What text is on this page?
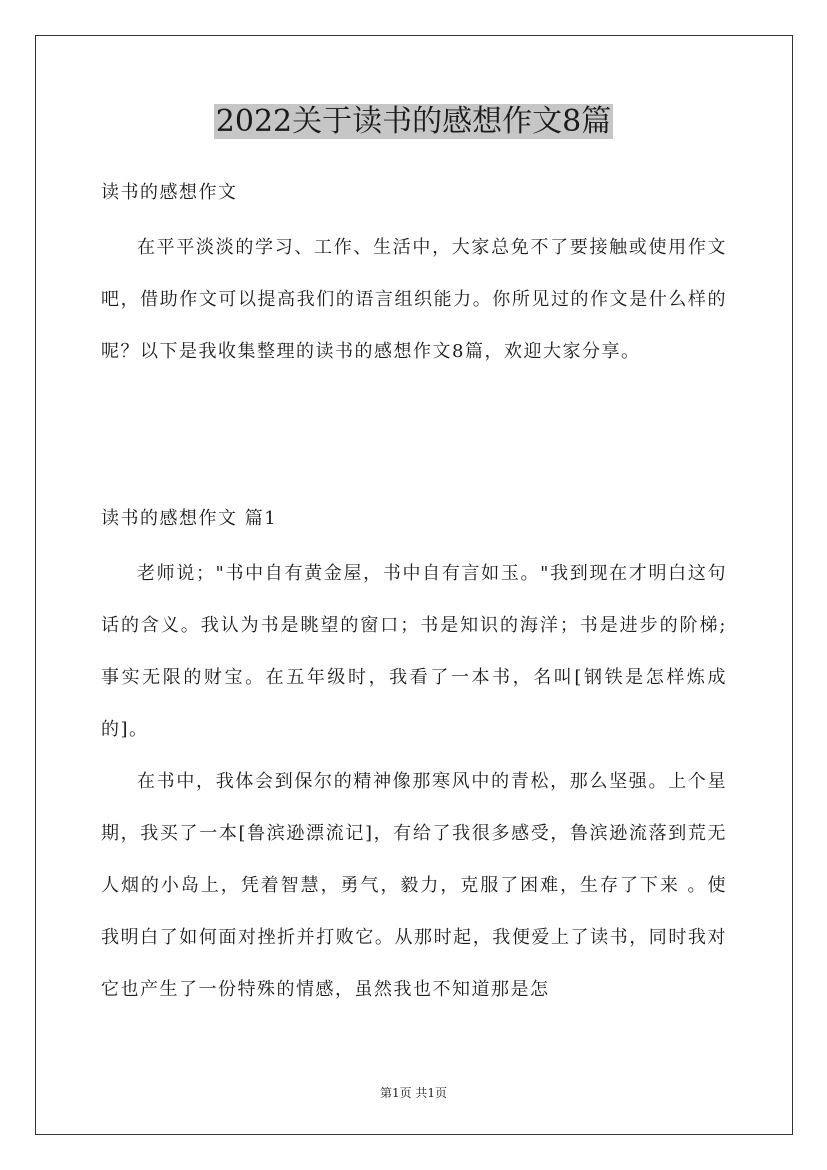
2022关于读书的感想作文8篇

读书的感想作文

在平平淡淡的学习、工作、生活中，大家总免不了要接触或使用作文吧，借助作文可以提高我们的语言组织能力。你所见过的作文是什么样的呢？以下是我收集整理的读书的感想作文8篇，欢迎大家分享。

读书的感想作文 篇1

老师说；"书中自有黄金屋，书中自有言如玉。"我到现在才明白这句话的含义。我认为书是眺望的窗口；书是知识的海洋；书是进步的阶梯;事实无限的财宝。在五年级时，我看了一本书，名叫[钢铁是怎样炼成的]。

在书中，我体会到保尔的精神像那寒风中的青松，那么坚强。上个星期，我买了一本[鲁滨逊漂流记]，有给了我很多感受，鲁滨逊流落到荒无人烟的小岛上，凭着智慧，勇气，毅力，克服了困难，生存了下来 。使我明白了如何面对挫折并打败它。从那时起，我便爱上了读书，同时我对它也产生了一份特殊的情感，虽然我也不知道那是怎

第1页 共1页
